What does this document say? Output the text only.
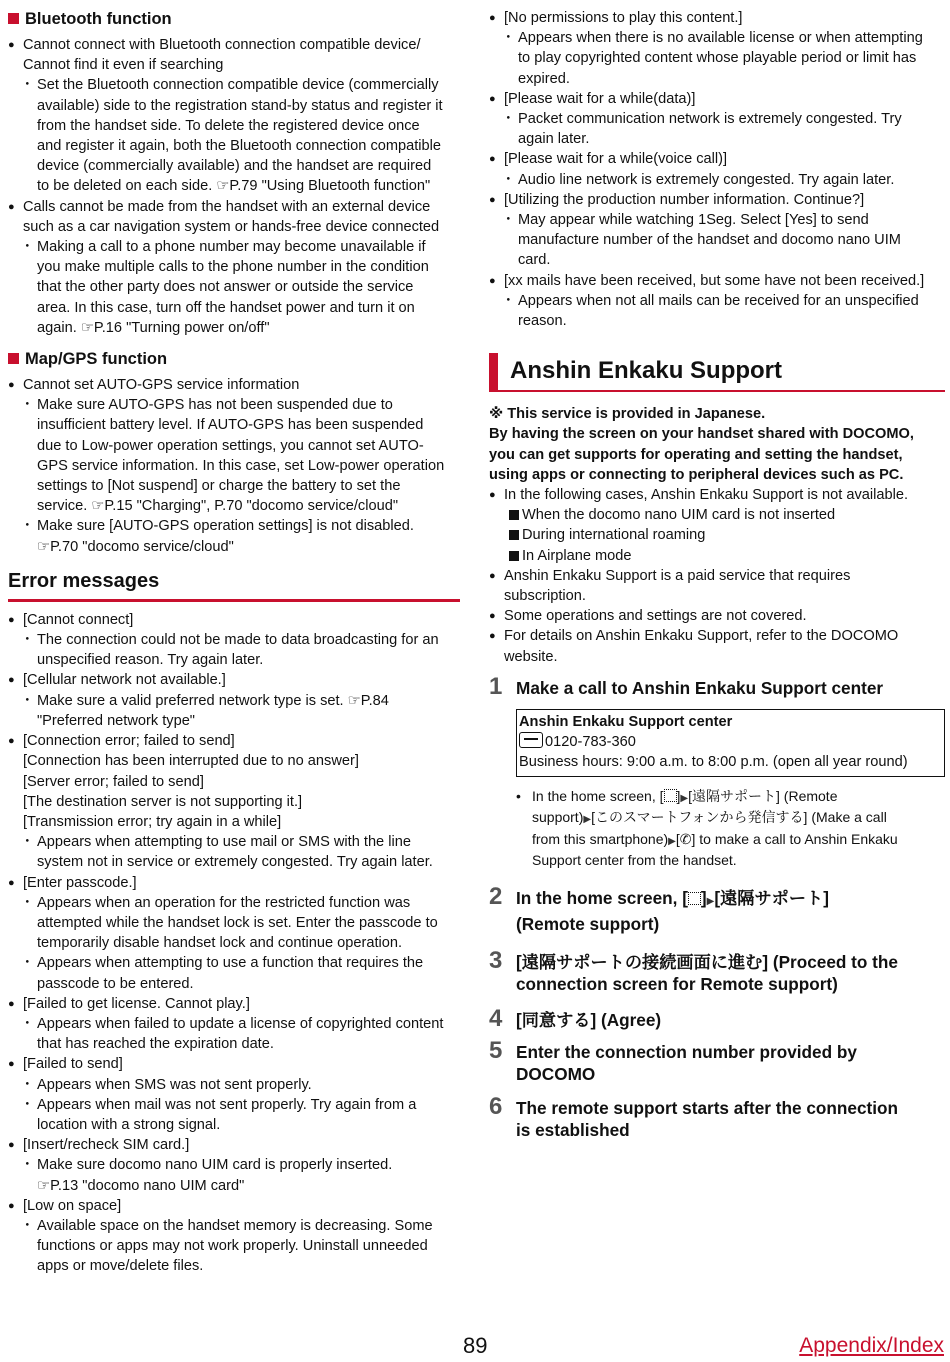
Bluetooth function
● Cannot connect with Bluetooth connection compatible device/
Cannot find it even if searching
・ Set the Bluetooth connection compatible device (commercially
available) side to the registration stand-by status and register it
from the handset side. To delete the registered device once
and register it again, both the Bluetooth connection compatible
device (commercially available) and the handset are required
to be deleted on each side. ☞P.79 "Using Bluetooth function"
● Calls cannot be made from the handset with an external device
such as a car navigation system or hands-free device connected
・ Making a call to a phone number may become unavailable if
you make multiple calls to the phone number in the condition
that the other party does not answer or outside the service
area. In this case, turn off the handset power and turn it on
again. ☞P.16 "Turning power on/off"
Map/GPS function
● Cannot set AUTO-GPS service information
・ Make sure AUTO-GPS has not been suspended due to
insufficient battery level. If AUTO-GPS has been suspended
due to Low-power operation settings, you cannot set AUTO-
GPS service information. In this case, set Low-power operation
settings to [Not suspend] or charge the battery to set the
service. ☞P.15 "Charging", P.70 "docomo service/cloud"
・ Make sure [AUTO-GPS operation settings] is not disabled.
☞P.70 "docomo service/cloud"
Error messages
● [Cannot connect]
・ The connection could not be made to data broadcasting for an
unspecified reason. Try again later.
● [Cellular network not available.]
・ Make sure a valid preferred network type is set. ☞P.84
"Preferred network type"
● [Connection error; failed to send]
[Connection has been interrupted due to no answer]
[Server error; failed to send]
[The destination server is not supporting it.]
[Transmission error; try again in a while]
・ Appears when attempting to use mail or SMS with the line
system not in service or extremely congested. Try again later.
● [Enter passcode.]
・ Appears when an operation for the restricted function was
attempted while the handset lock is set. Enter the passcode to
temporarily disable handset lock and continue operation.
・ Appears when attempting to use a function that requires the
passcode to be entered.
● [Failed to get license. Cannot play.]
・ Appears when failed to update a license of copyrighted content
that has reached the expiration date.
● [Failed to send]
・ Appears when SMS was not sent properly.
・ Appears when mail was not sent properly. Try again from a
location with a strong signal.
● [Insert/recheck SIM card.]
・ Make sure docomo nano UIM card is properly inserted.
☞P.13 "docomo nano UIM card"
● [Low on space]
・ Available space on the handset memory is decreasing. Some
functions or apps may not work properly. Uninstall unneeded
apps or move/delete files.
● [No permissions to play this content.]
・ Appears when there is no available license or when attempting
to play copyrighted content whose playable period or limit has
expired.
● [Please wait for a while(data)]
・ Packet communication network is extremely congested. Try
again later.
● [Please wait for a while(voice call)]
・ Audio line network is extremely congested. Try again later.
● [Utilizing the production number information. Continue?]
・ May appear while watching 1Seg. Select [Yes] to send
manufacture number of the handset and docomo nano UIM
card.
● [xx mails have been received, but some have not been received.]
・ Appears when not all mails can be received for an unspecified
reason.
Anshin Enkaku Support
※ This service is provided in Japanese.
By having the screen on your handset shared with DOCOMO,
you can get supports for operating and setting the handset,
using apps or connecting to peripheral devices such as PC.
● In the following cases, Anshin Enkaku Support is not available.
When the docomo nano UIM card is not inserted
During international roaming
In Airplane mode
● Anshin Enkaku Support is a paid service that requires
subscription.
● Some operations and settings are not covered.
● For details on Anshin Enkaku Support, refer to the DOCOMO
website.
1 Make a call to Anshin Enkaku Support center
Anshin Enkaku Support center
0120-783-360
Business hours: 9:00 a.m. to 8:00 p.m. (open all year round)
• In the home screen, [ ]▶[遠隔サポート] (Remote
support)▶[このスマートフォンから発信する] (Make a call
from this smartphone)▶[✆] to make a call to Anshin Enkaku
Support center from the handset.
2 In the home screen, [ ]▶[遠隔サポート]
(Remote support)
3 [遠隔サポートの接続画面に進む] (Proceed to the
connection screen for Remote support)
4 [同意する] (Agree)
5 Enter the connection number provided by
DOCOMO
6 The remote support starts after the connection
is established
89	Appendix/Index
